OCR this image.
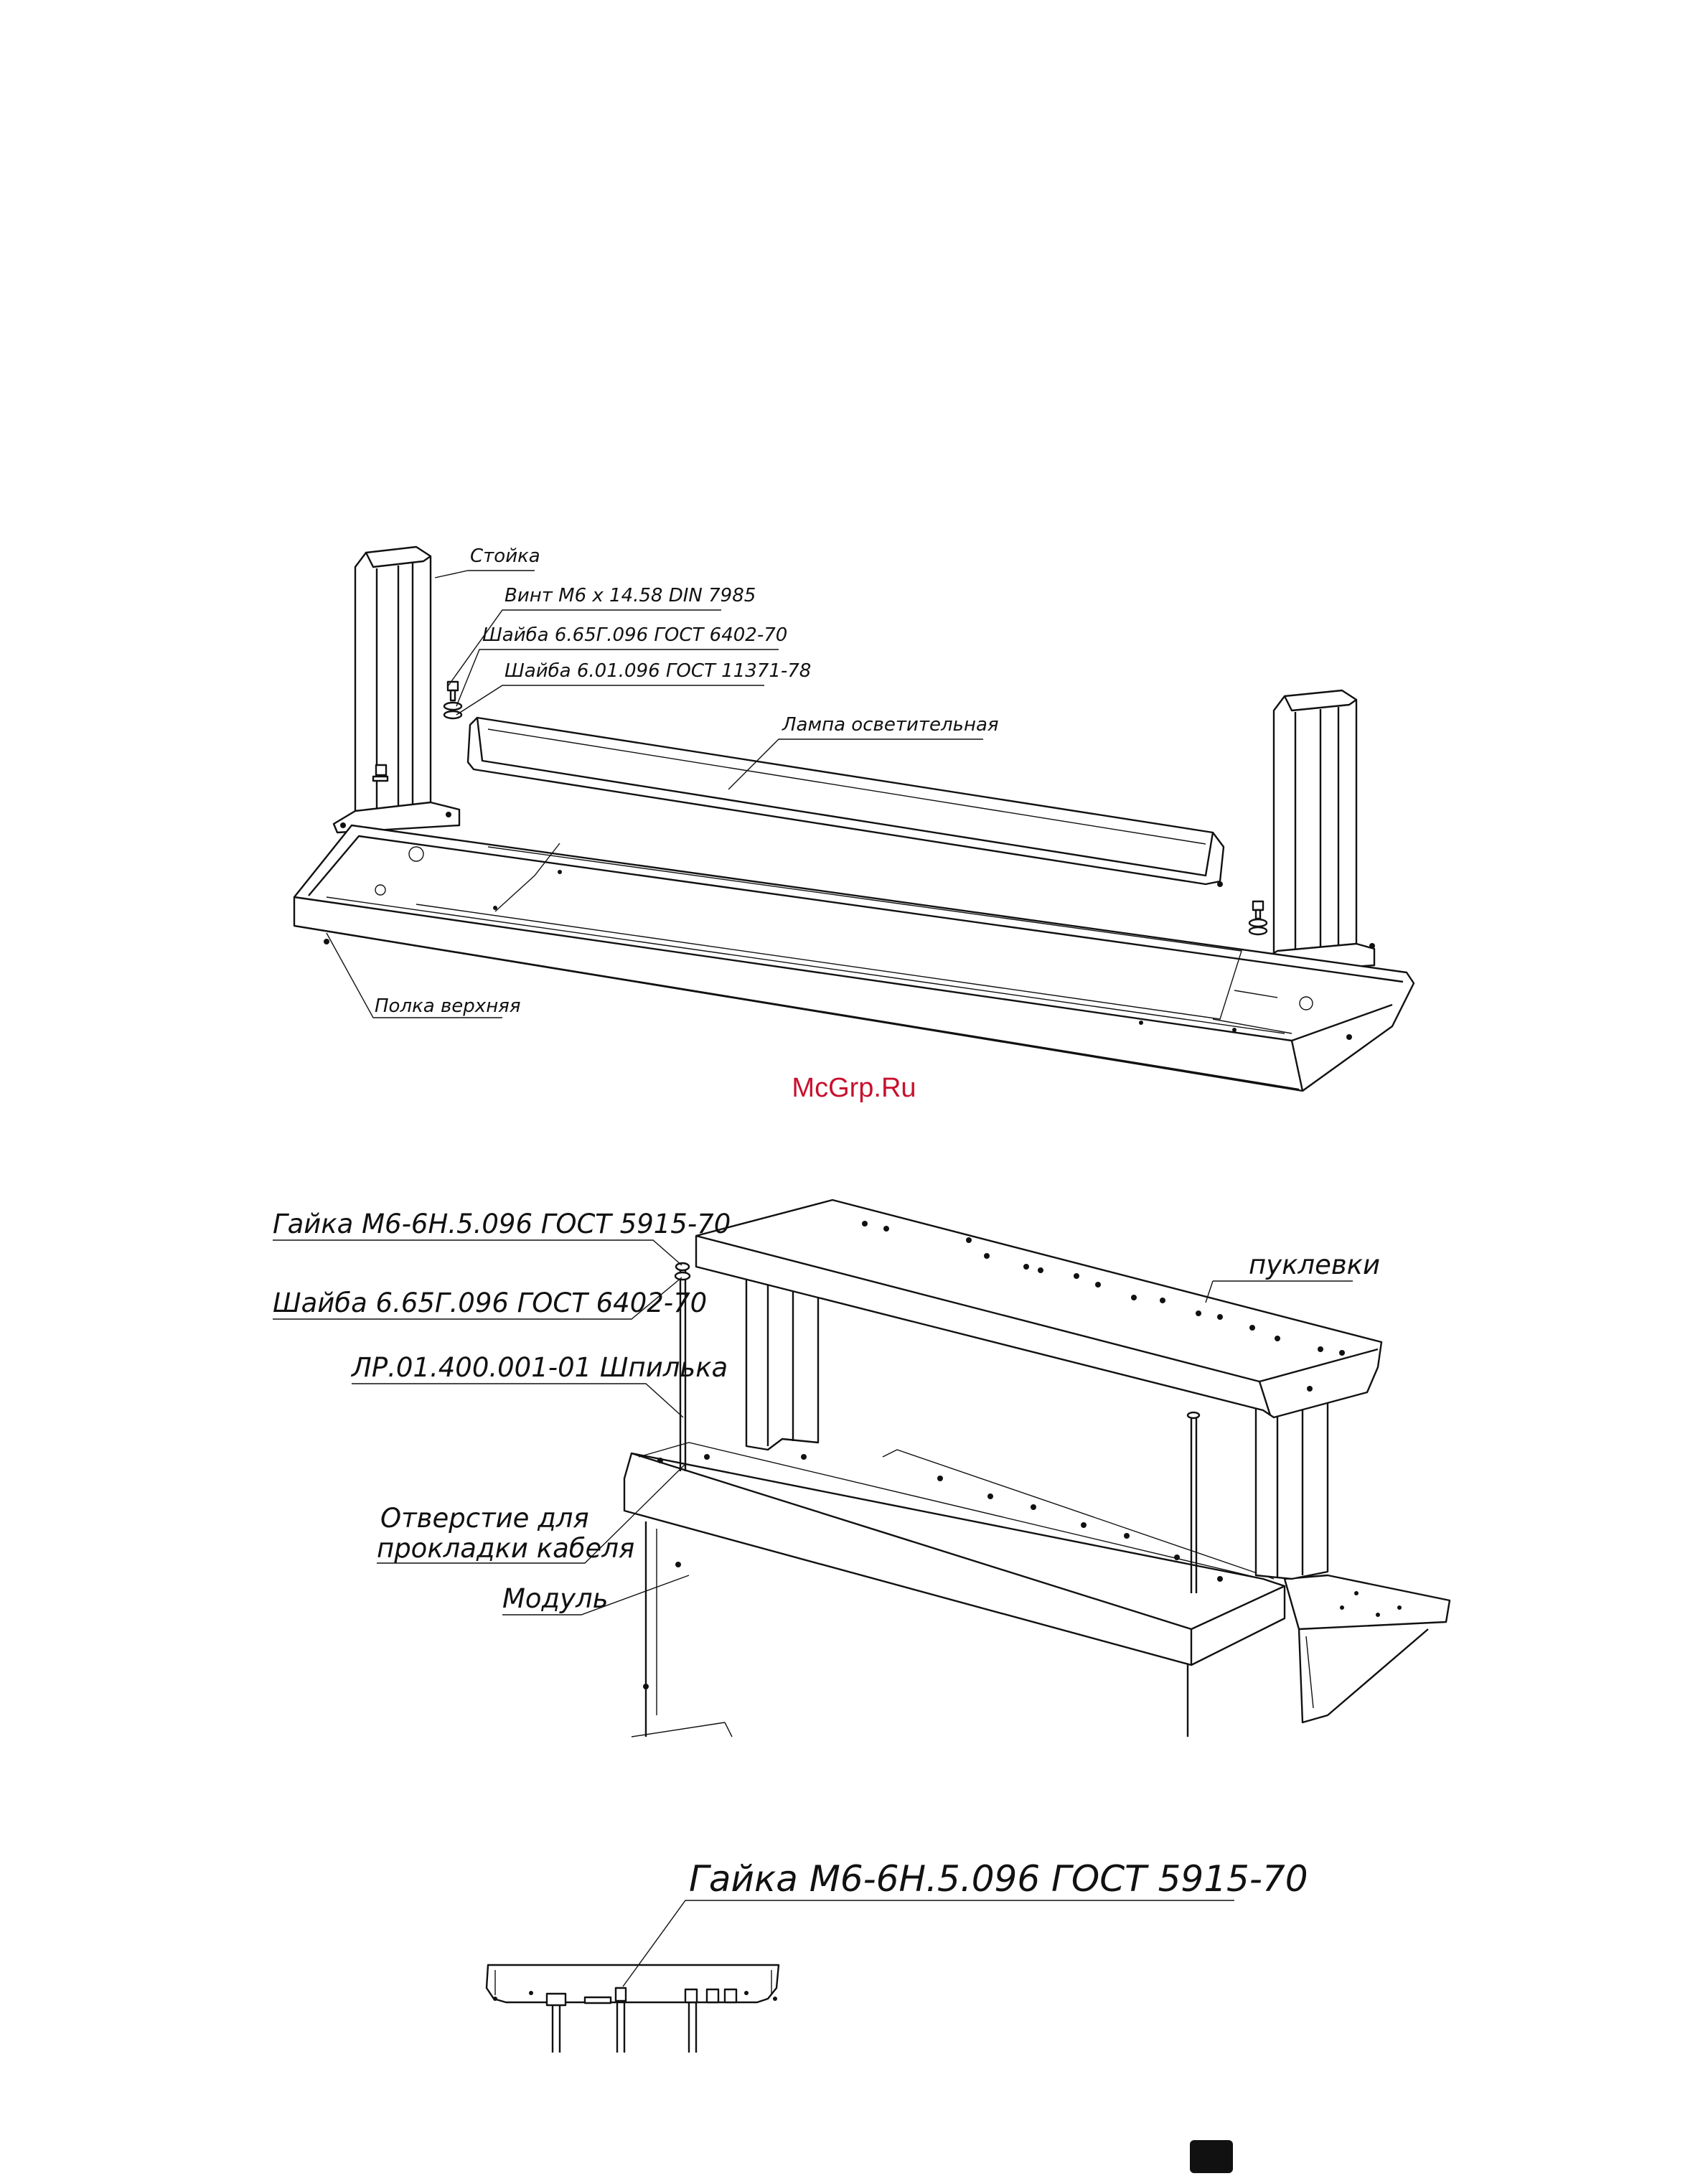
Стойка
Винт М6 х 14.58 DIN 7985
Шайба 6.65Г.096 ГОСТ 6402-70
Шайба 6.01.096 ГОСТ 11371-78
Лампа осветительная
Полка верхняя
McGrp.Ru
Гайка М6-6Н.5.096 ГОСТ 5915-70
Шайба 6.65Г.096 ГОСТ 6402-70
ЛР.01.400.001-01 Шпилька
Отверстие для
прокладки кабеля
Модуль
пуклевки
Гайка М6-6Н.5.096 ГОСТ 5915-70
